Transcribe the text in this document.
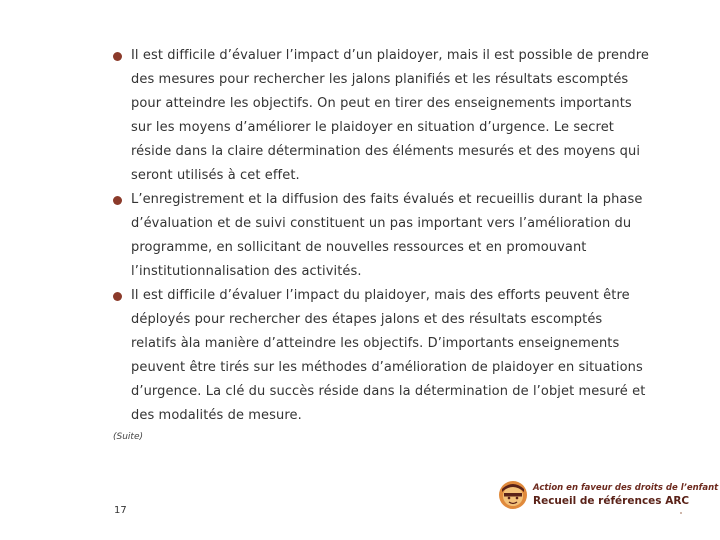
Il est difficile d’évaluer l’impact d’un plaidoyer, mais il est possible de prendre
des mesures pour rechercher les jalons planifiés et les résultats escomptés
pour atteindre les objectifs. On peut en tirer des enseignements importants
sur les moyens d’améliorer le plaidoyer en situation d’urgence. Le secret
réside dans la claire détermination des éléments mesurés et des moyens qui
seront utilisés à cet effet.
L’enregistrement et la diffusion des faits évalués et recueillis durant la phase
d’évaluation et de suivi constituent un pas important vers l’amélioration du
programme, en sollicitant de nouvelles ressources et en promouvant
l’institutionnalisation des activités.
Il est difficile d’évaluer l’impact du plaidoyer, mais des efforts peuvent être
déployés pour rechercher des étapes jalons et des résultats escomptés
relatifs àla manière d’atteindre les objectifs. D’importants enseignements
peuvent être tirés sur les méthodes d’amélioration de plaidoyer en situations
d’urgence. La clé du succès réside dans la détermination de l’objet mesuré et
des modalités de mesure.
(Suite)
17
Action en faveur des droits de l’enfant
Recueil de références ARC
